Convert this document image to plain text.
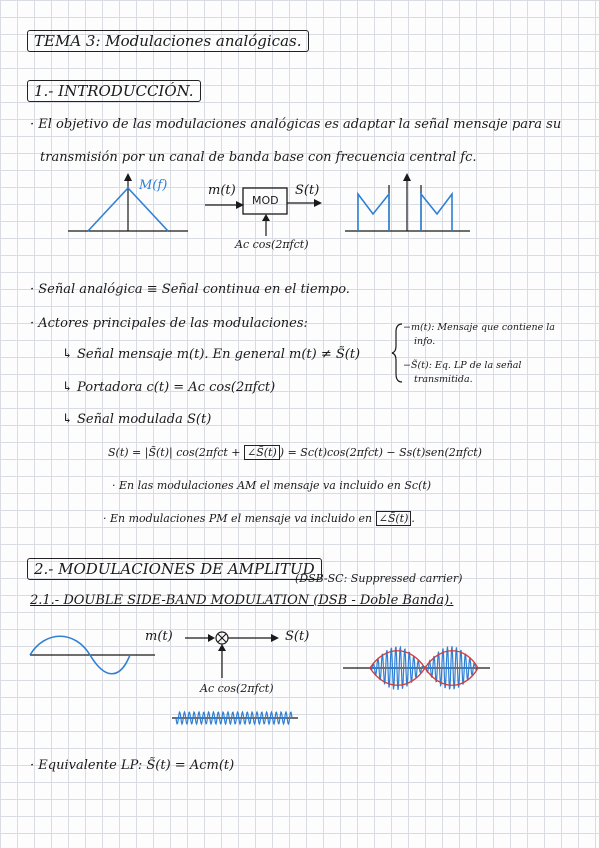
TEMA 3: Modulaciones analógicas.
1.- INTRODUCCIÓN.
· El objetivo de las modulaciones analógicas es adaptar la señal mensaje para su
transmisión por un canal de banda base con frecuencia central fc.
M(f)	m(t)
MOD
S(t)
Ac cos(2πfct)
· Señal analógica ≡ Señal continua en el tiempo.
· Actores principales de las modulaciones:
↳ Señal mensaje m(t). En general m(t) ≠ S̃(t)
↳ Portadora c(t) = Ac cos(2πfct)
↳ Señal modulada S(t)
−m(t): Mensaje que contiene la
info.
−S̃(t): Eq. LP de la señal
transmitida.
S(t) = |S̃(t)| cos(2πfct + ∠S̃(t) ) = Sc(t)cos(2πfct) − Ss(t)sen(2πfct)
· En las modulaciones AM el mensaje va incluido en Sc(t)
· En modulaciones PM el mensaje va incluido en ∠S̃(t) .
2.- MODULACIONES DE AMPLITUD
(DSB-SC: Suppressed carrier)
2.1.- DOUBLE SIDE-BAND MODULATION (DSB - Doble Banda).
m(t)	S(t)
Ac cos(2πfct)
· Equivalente LP: S̃(t) = Acm(t)
